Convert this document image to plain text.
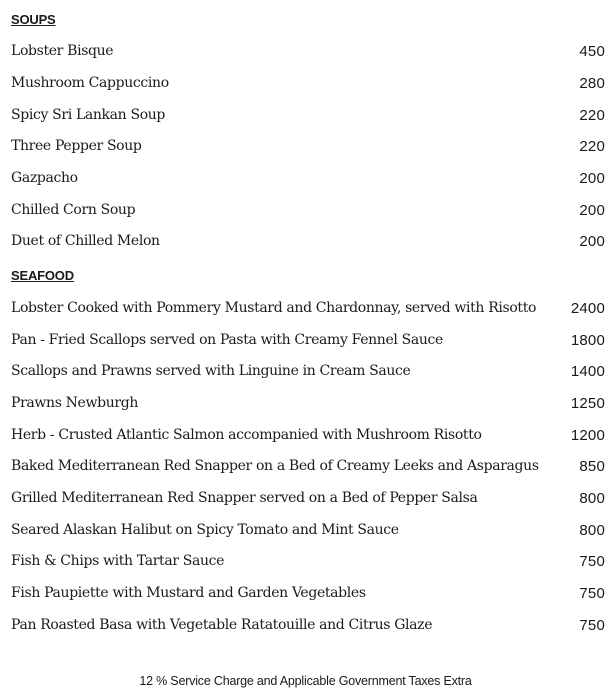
SOUPS
Lobster Bisque	450
Mushroom Cappuccino	280
Spicy Sri Lankan Soup	220
Three Pepper Soup	220
Gazpacho	200
Chilled Corn Soup	200
Duet of Chilled Melon	200
SEAFOOD
Lobster Cooked with Pommery Mustard and Chardonnay, served with Risotto 2400
Pan - Fried Scallops served on Pasta with Creamy Fennel Sauce	1800
Scallops and Prawns served with Linguine in Cream Sauce	1400
Prawns Newburgh	1250
Herb - Crusted Atlantic Salmon accompanied with Mushroom Risotto	1200
Baked Mediterranean Red Snapper on a Bed of Creamy Leeks and Asparagus	850
Grilled Mediterranean Red Snapper served on a Bed of Pepper Salsa	800
Seared Alaskan Halibut on Spicy Tomato and Mint Sauce	800
Fish & Chips with Tartar Sauce	750
Fish Paupiette with Mustard and Garden Vegetables	750
Pan Roasted Basa with Vegetable Ratatouille and Citrus Glaze	750
12 % Service Charge and Applicable Government Taxes Extra
